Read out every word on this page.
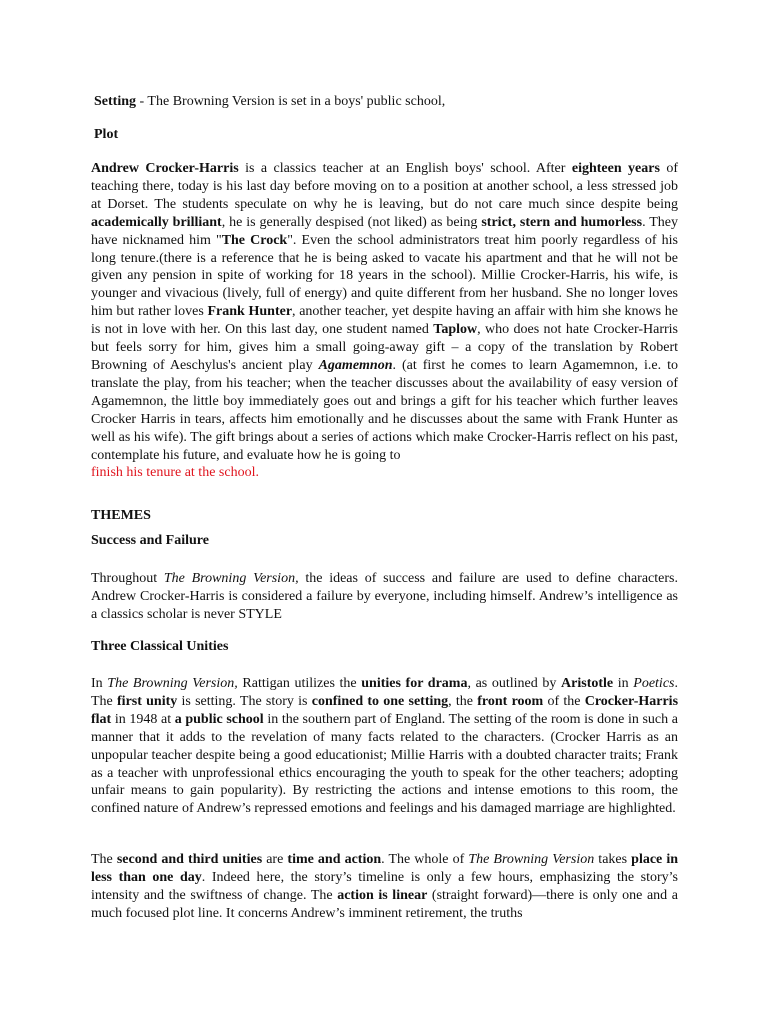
Setting - The Browning Version is set in a boys' public school,

Plot

Andrew Crocker-Harris is a classics teacher at an English boys' school. After eighteen years of teaching there, today is his last day before moving on to a position at another school, a less stressed job at Dorset. The students speculate on why he is leaving, but do not care much since despite being academically brilliant, he is generally despised (not liked) as being strict, stern and humorless. They have nicknamed him "The Crock". Even the school administrators treat him poorly regardless of his long tenure.(there is a reference that he is being asked to vacate his apartment and that he will not be given any pension in spite of working for 18 years in the school). Millie Crocker-Harris, his wife, is younger and vivacious (lively, full of energy) and quite different from her husband. She no longer loves him but rather loves Frank Hunter, another teacher, yet despite having an affair with him she knows he is not in love with her. On this last day, one student named Taplow, who does not hate Crocker-Harris but feels sorry for him, gives him a small going-away gift – a copy of the translation by Robert Browning of Aeschylus's ancient play Agamemnon. (at first he comes to learn Agamemnon, i.e. to translate the play, from his teacher; when the teacher discusses about the availability of easy version of Agamemnon, the little boy immediately goes out and brings a gift for his teacher which further leaves Crocker Harris in tears, affects him emotionally and he discusses about the same with Frank Hunter as well as his wife). The gift brings about a series of actions which make Crocker-Harris reflect on his past, contemplate his future, and evaluate how he is going to
finish his tenure at the school.

THEMES

Success and Failure

Throughout The Browning Version, the ideas of success and failure are used to define characters. Andrew Crocker-Harris is considered a failure by everyone, including himself. Andrew’s intelligence as a classics scholar is never STYLE

Three Classical Unities

In The Browning Version, Rattigan utilizes the unities for drama, as outlined by Aristotle in Poetics. The first unity is setting. The story is confined to one setting, the front room of the Crocker-Harris flat in 1948 at a public school in the southern part of England. The setting of the room is done in such a manner that it adds to the revelation of many facts related to the characters. (Crocker Harris as an unpopular teacher despite being a good educationist; Millie Harris with a doubted character traits; Frank as a teacher with unprofessional ethics encouraging the youth to speak for the other teachers; adopting unfair means to gain popularity). By restricting the actions and intense emotions to this room, the confined nature of Andrew’s repressed emotions and feelings and his damaged marriage are highlighted.

The second and third unities are time and action. The whole of The Browning Version takes place in less than one day. Indeed here, the story’s timeline is only a few hours, emphasizing the story’s intensity and the swiftness of change. The action is linear (straight forward)—there is only one and a much focused plot line. It concerns Andrew’s imminent retirement, the truths
